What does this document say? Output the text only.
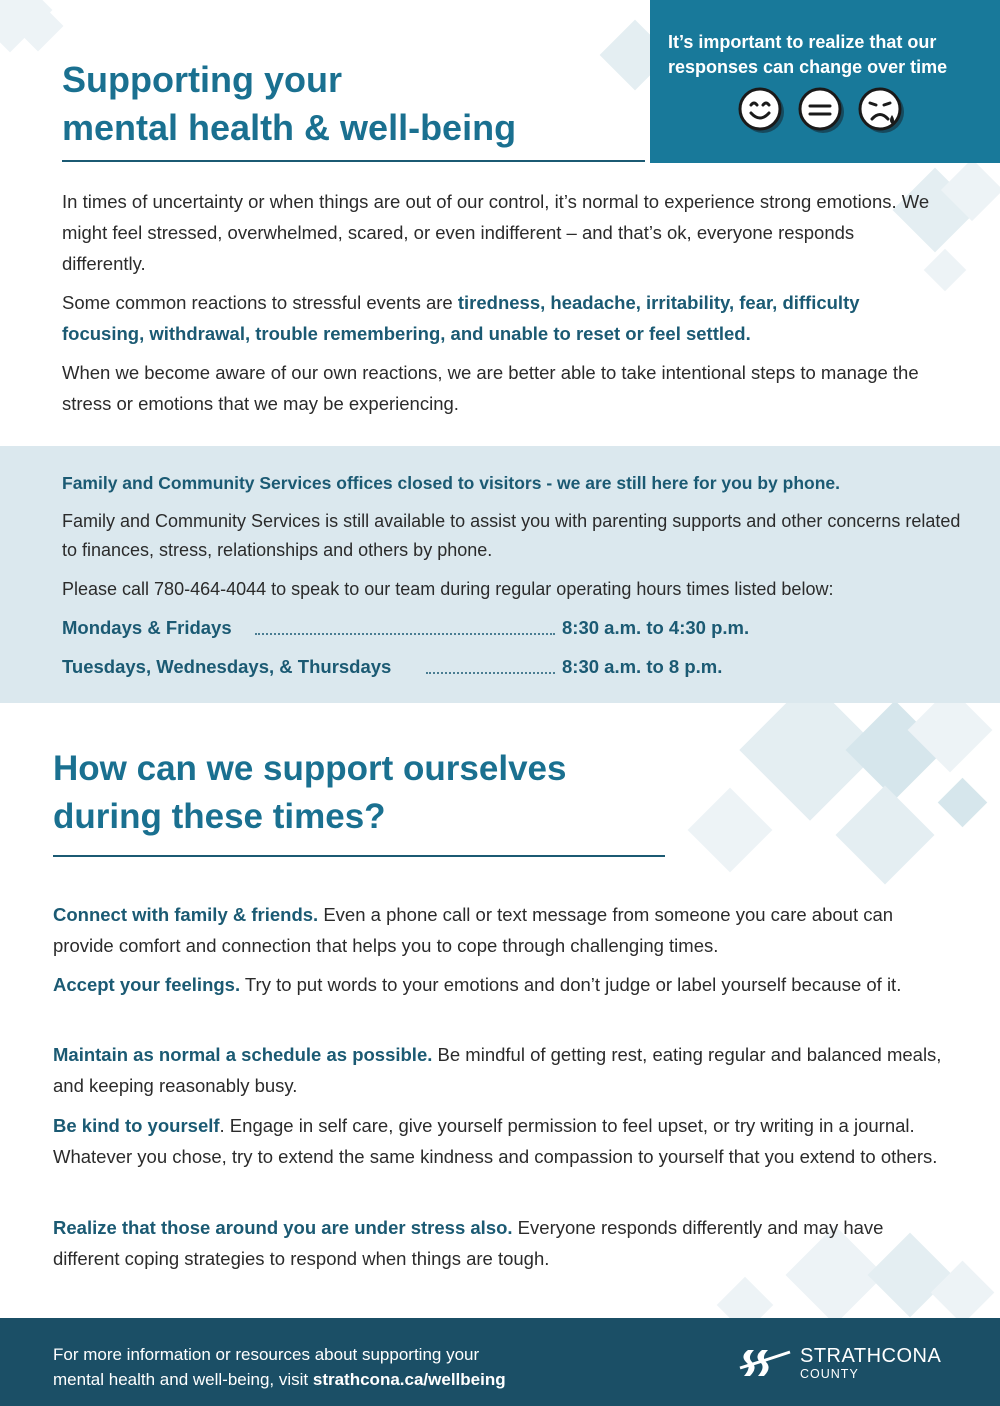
Supporting your
mental health & well-being
It’s important to realize that our
responses can change over time

In times of uncertainty or when things are out of our control, it’s normal to experience strong emotions. We might feel stressed, overwhelmed, scared, or even indifferent – and that’s ok, everyone responds differently.

Some common reactions to stressful events are tiredness, headache, irritability, fear, difficulty focusing, withdrawal, trouble remembering, and unable to reset or feel settled.

When we become aware of our own reactions, we are better able to take intentional steps to manage the stress or emotions that we may be experiencing.

Family and Community Services offices closed to visitors - we are still here for you by phone.

Family and Community Services is still available to assist you with parenting supports and other concerns related to finances, stress, relationships and others by phone.

Please call 780-464-4044 to speak to our team during regular operating hours times listed below:

Mondays & Fridays	8:30 a.m. to 4:30 p.m.
Tuesdays, Wednesdays, & Thursdays	8:30 a.m. to 8 p.m.
How can we support ourselves
during these times?

Connect with family & friends. Even a phone call or text message from someone you care about can provide comfort and connection that helps you to cope through challenging times.

Accept your feelings. Try to put words to your emotions and don’t judge or label yourself because of it.

Maintain as normal a schedule as possible. Be mindful of getting rest, eating regular and balanced meals, and keeping reasonably busy.

Be kind to yourself. Engage in self care, give yourself permission to feel upset, or try writing in a journal. Whatever you chose, try to extend the same kindness and compassion to yourself that you extend to others.

Realize that those around you are under stress also. Everyone responds differently and may have different coping strategies to respond when things are tough.

For more information or resources about supporting your
mental health and well-being, visit strathcona.ca/wellbeing
STRATHCONA
COUNTY
